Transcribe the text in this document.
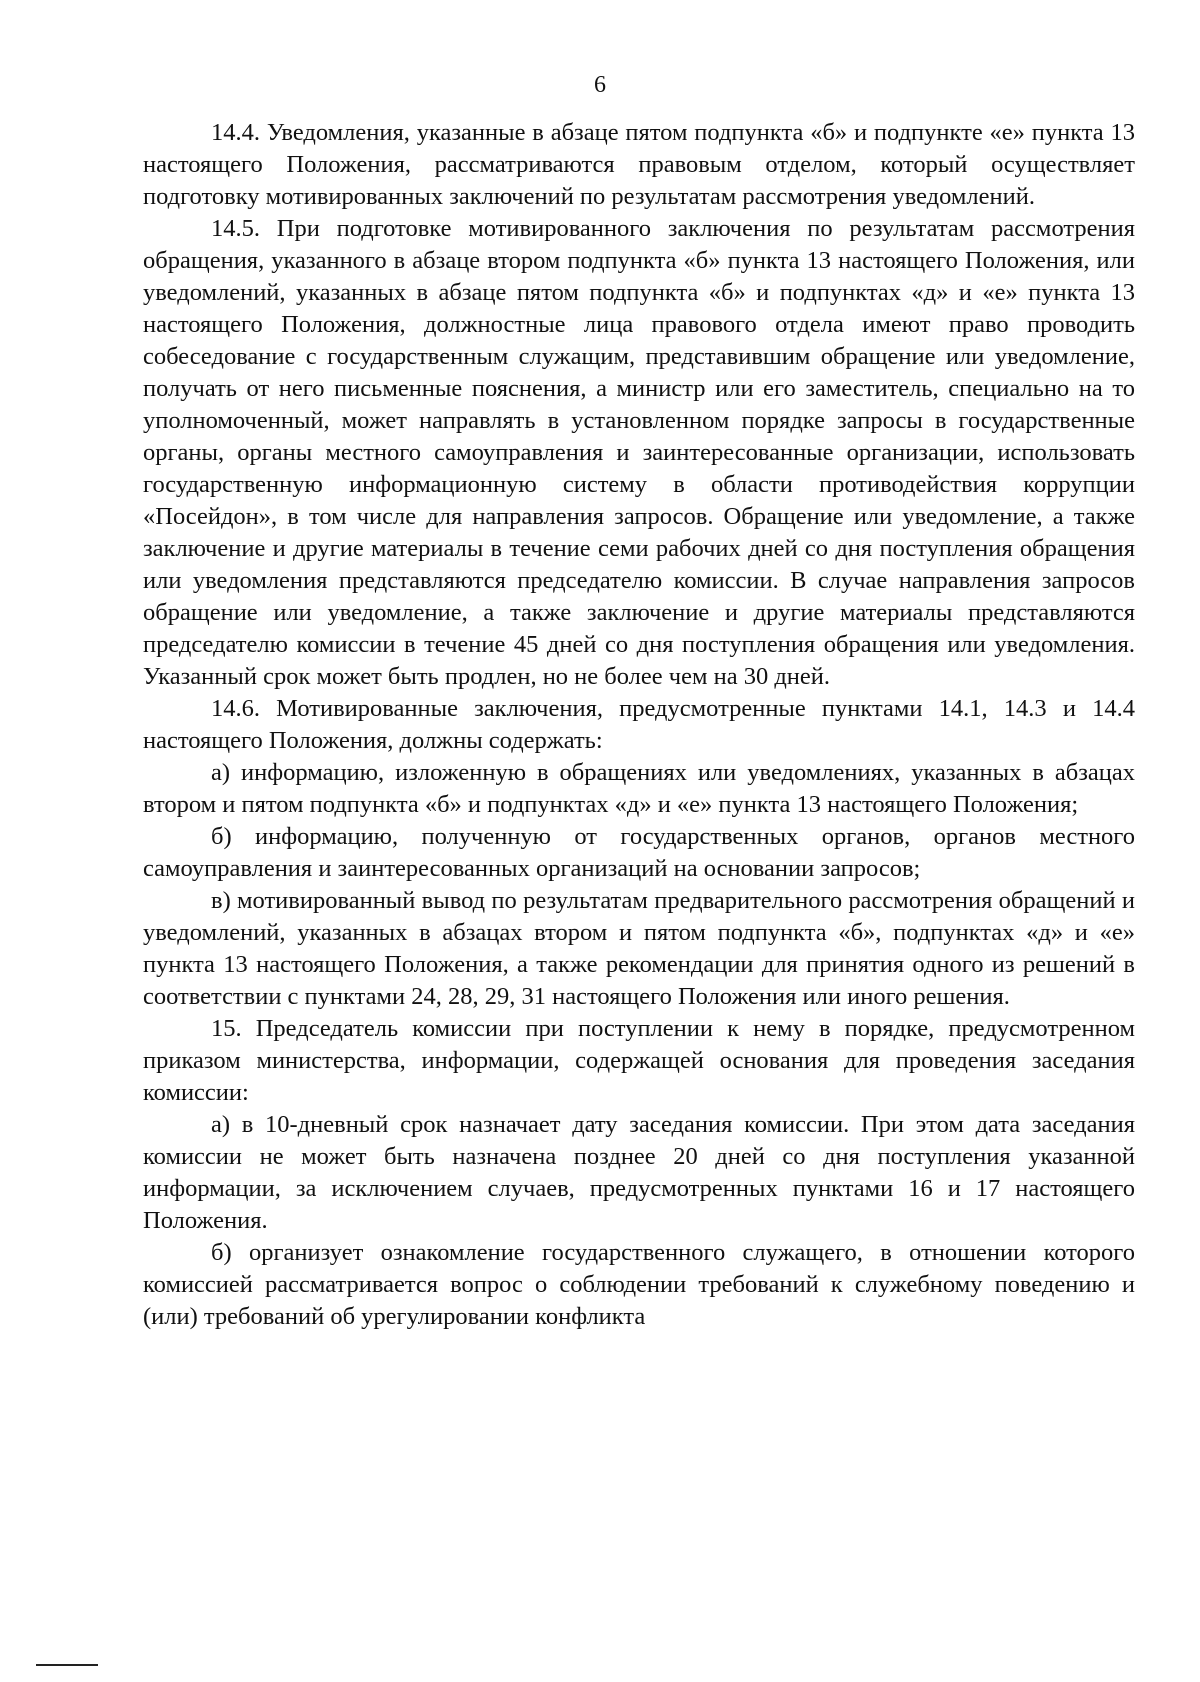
6

14.4. Уведомления, указанные в абзаце пятом подпункта «б» и подпункте «е» пункта 13 настоящего Положения, рассматриваются правовым отделом, который осуществляет подготовку мотивированных заключений по результатам рассмотрения уведомлений.

14.5. При подготовке мотивированного заключения по результатам рассмотрения обращения, указанного в абзаце втором подпункта «б» пункта 13 настоящего Положения, или уведомлений, указанных в абзаце пятом подпункта «б» и подпунктах «д» и «е» пункта 13 настоящего Положения, должностные лица правового отдела имеют право проводить собеседование с государственным служащим, представившим обращение или уведомление, получать от него письменные пояснения, а министр или его заместитель, специально на то уполномоченный, может направлять в установленном порядке запросы в государственные органы, органы местного самоуправления и заинтересованные организации, использовать государственную информационную систему в области противодействия коррупции «Посейдон», в том числе для направления запросов. Обращение или уведомление, а также заключение и другие материалы в течение семи рабочих дней со дня поступления обращения или уведомления представляются председателю комиссии. В случае направления запросов обращение или уведомление, а также заключение и другие материалы представляются председателю комиссии в течение 45 дней со дня поступления обращения или уведомления. Указанный срок может быть продлен, но не более чем на 30 дней.

14.6. Мотивированные заключения, предусмотренные пунктами 14.1, 14.3 и 14.4 настоящего Положения, должны содержать:

а) информацию, изложенную в обращениях или уведомлениях, указанных в абзацах втором и пятом подпункта «б» и подпунктах «д» и «е» пункта 13 настоящего Положения;

б) информацию, полученную от государственных органов, органов местного самоуправления и заинтересованных организаций на основании запросов;

в) мотивированный вывод по результатам предварительного рассмотрения обращений и уведомлений, указанных в абзацах втором и пятом подпункта «б», подпунктах «д» и «е» пункта 13 настоящего Положения, а также рекомендации для принятия одного из решений в соответствии с пунктами 24, 28, 29, 31 настоящего Положения или иного решения.

15. Председатель комиссии при поступлении к нему в порядке, предусмотренном приказом министерства, информации, содержащей основания для проведения заседания комиссии:

а) в 10-дневный срок назначает дату заседания комиссии. При этом дата заседания комиссии не может быть назначена позднее 20 дней со дня поступления указанной информации, за исключением случаев, предусмотренных пунктами 16 и 17 настоящего Положения.

б) организует ознакомление государственного служащего, в отношении которого комиссией рассматривается вопрос о соблюдении требований к служебному поведению и (или) требований об урегулировании конфликта
